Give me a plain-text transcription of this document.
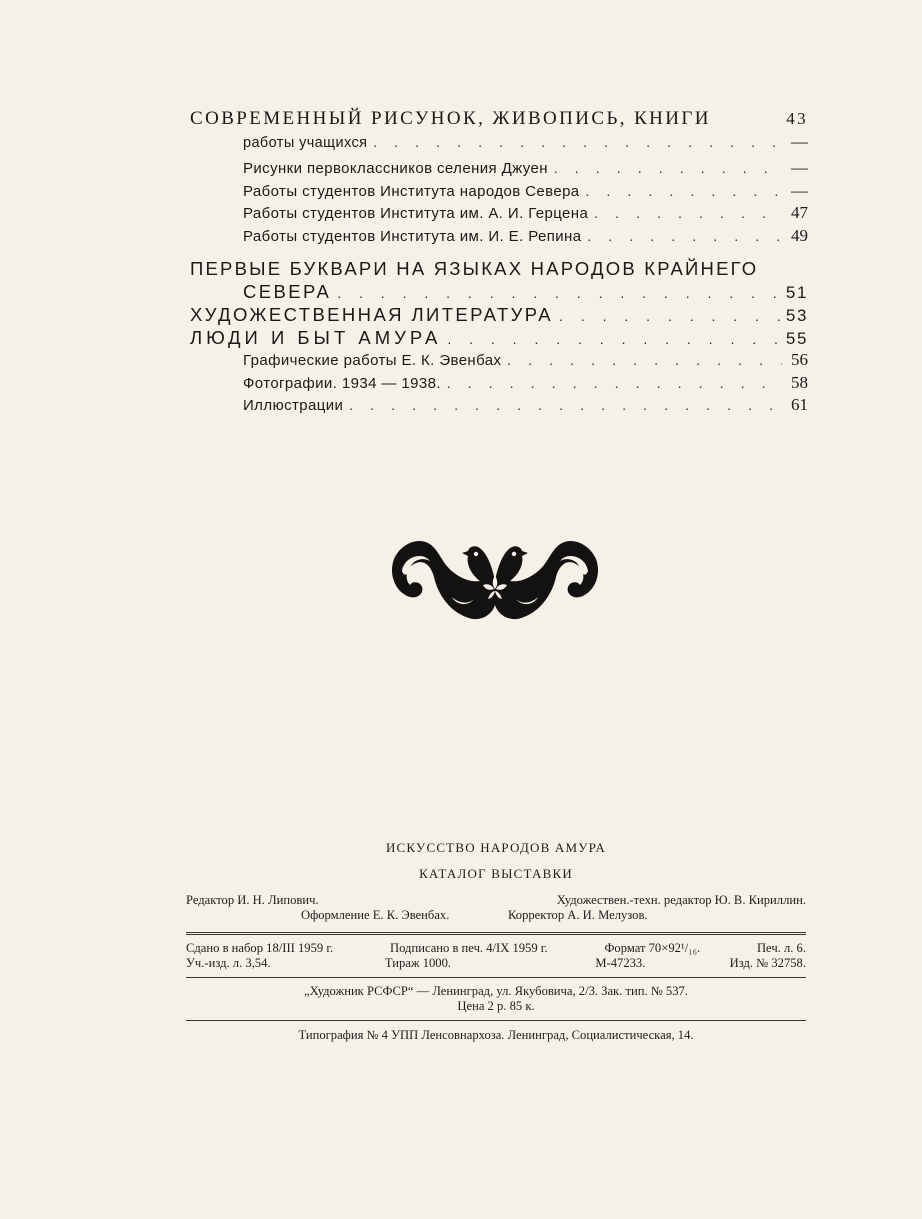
СОВРЕМЕННЫЙ РИСУНОК, ЖИВОПИСЬ, КНИГИ	43
работы учащихся . . .	—
Рисунки первоклассников селения Джуен . . .	—
Работы студентов Института народов Севера . . .	—
Работы студентов Института им. А. И. Герцена . . .	47
Работы студентов Института им. И. Е. Репина . . .	49
ПЕРВЫЕ БУКВАРИ НА ЯЗЫКАХ НАРОДОВ КРАЙНЕГО
СЕВЕРА . . .	51
ХУДОЖЕСТВЕННАЯ ЛИТЕРАТУРА . . .	53
ЛЮДИ И БЫТ АМУРА . . .	55
Графические работы Е. К. Эвенбах . . .	56
Фотографии. 1934 — 1938. . . .	58
Иллюстрации . . .	61
ИСКУССТВО НАРОДОВ АМУРА
КАТАЛОГ ВЫСТАВКИ
Редактор И. Н. Липович.	Художествен.-техн. редактор Ю. В. Кириллин.
Оформление Е. К. Эвенбах.	Корректор А. И. Мелузов.
Сдано в набор 18/III 1959 г.	Подписано в печ. 4/IX 1959 г.	Формат 70×92¹/₁₆.	Печ. л. 6.
Уч.-изд. л. 3,54.	Тираж 1000.	М-47233.	Изд. № 32758.
„Художник РСФСР“ — Ленинград, ул. Якубовича, 2/3. Зак. тип. № 537.
Цена 2 р. 85 к.
Типография № 4 УПП Ленсовнархоза. Ленинград, Социалистическая, 14.
